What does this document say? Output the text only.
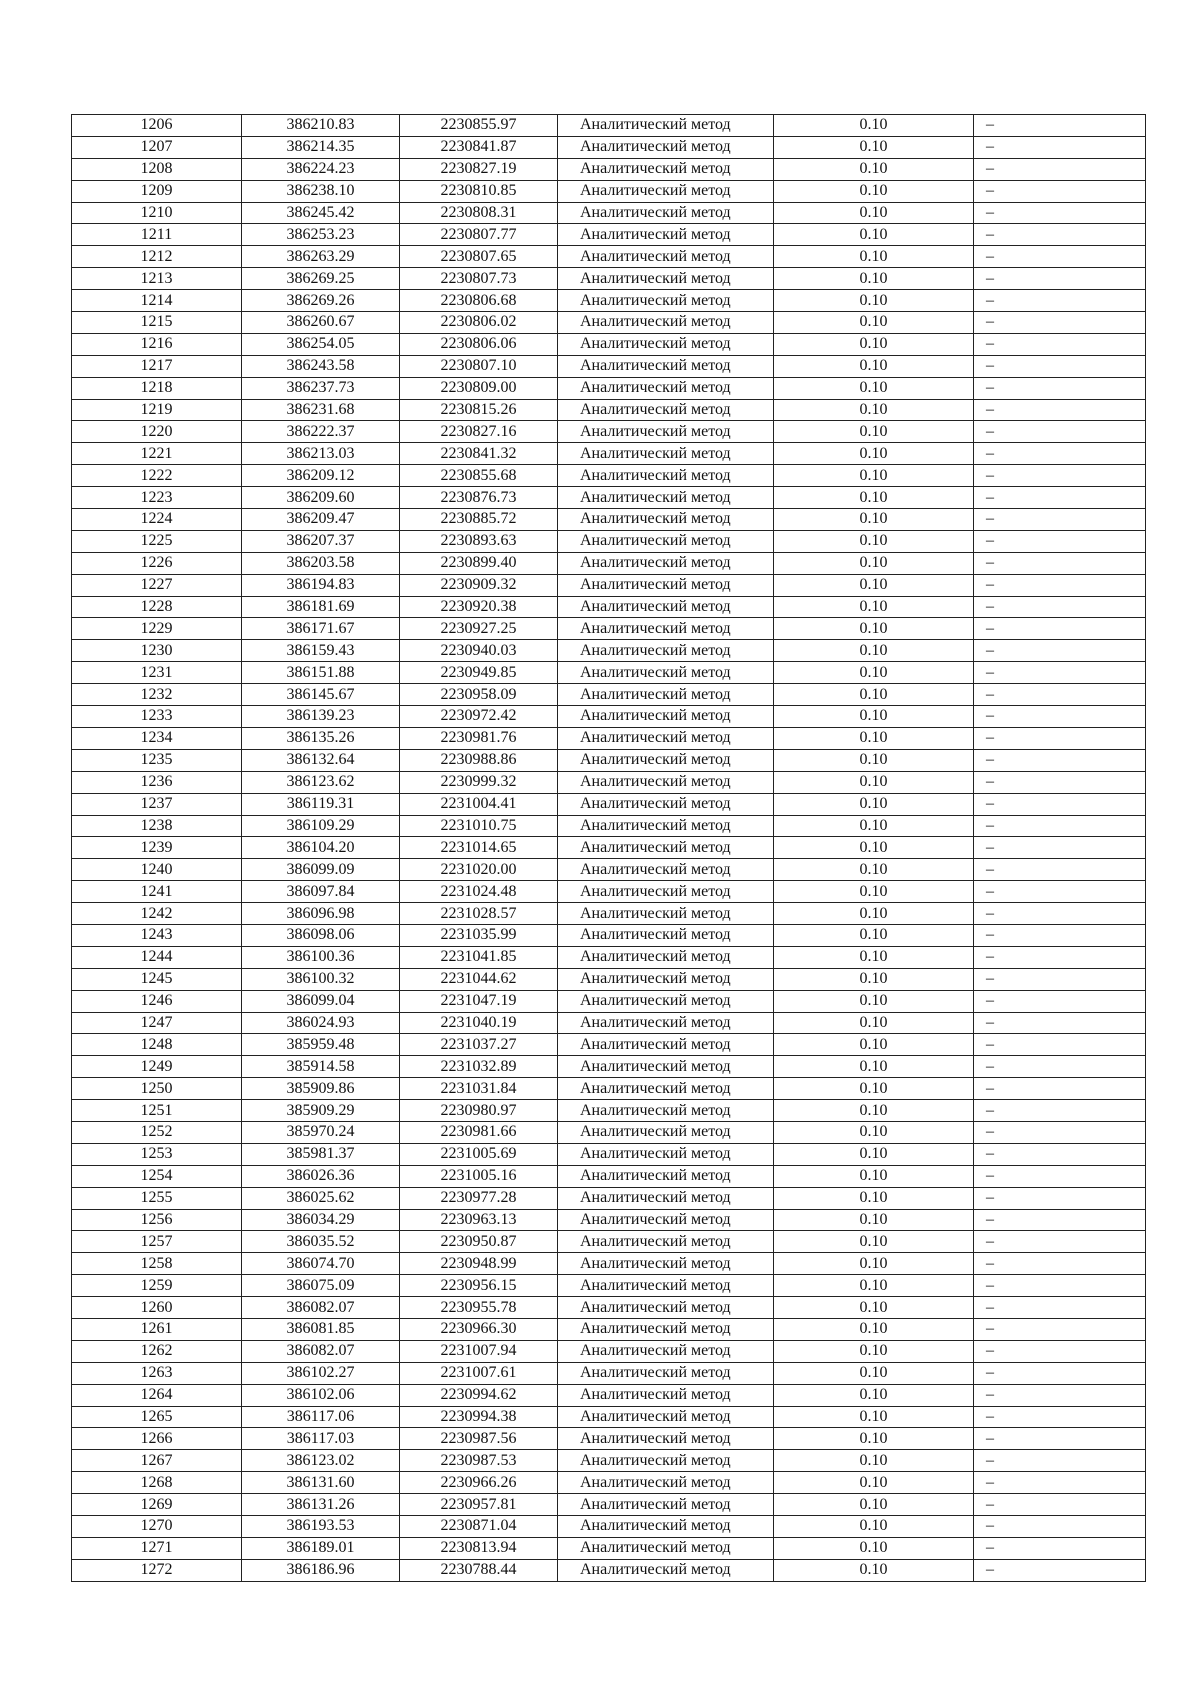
1206	386210.83	2230855.97	Аналитический метод	0.10	–
1207	386214.35	2230841.87	Аналитический метод	0.10	–
1208	386224.23	2230827.19	Аналитический метод	0.10	–
1209	386238.10	2230810.85	Аналитический метод	0.10	–
1210	386245.42	2230808.31	Аналитический метод	0.10	–
1211	386253.23	2230807.77	Аналитический метод	0.10	–
1212	386263.29	2230807.65	Аналитический метод	0.10	–
1213	386269.25	2230807.73	Аналитический метод	0.10	–
1214	386269.26	2230806.68	Аналитический метод	0.10	–
1215	386260.67	2230806.02	Аналитический метод	0.10	–
1216	386254.05	2230806.06	Аналитический метод	0.10	–
1217	386243.58	2230807.10	Аналитический метод	0.10	–
1218	386237.73	2230809.00	Аналитический метод	0.10	–
1219	386231.68	2230815.26	Аналитический метод	0.10	–
1220	386222.37	2230827.16	Аналитический метод	0.10	–
1221	386213.03	2230841.32	Аналитический метод	0.10	–
1222	386209.12	2230855.68	Аналитический метод	0.10	–
1223	386209.60	2230876.73	Аналитический метод	0.10	–
1224	386209.47	2230885.72	Аналитический метод	0.10	–
1225	386207.37	2230893.63	Аналитический метод	0.10	–
1226	386203.58	2230899.40	Аналитический метод	0.10	–
1227	386194.83	2230909.32	Аналитический метод	0.10	–
1228	386181.69	2230920.38	Аналитический метод	0.10	–
1229	386171.67	2230927.25	Аналитический метод	0.10	–
1230	386159.43	2230940.03	Аналитический метод	0.10	–
1231	386151.88	2230949.85	Аналитический метод	0.10	–
1232	386145.67	2230958.09	Аналитический метод	0.10	–
1233	386139.23	2230972.42	Аналитический метод	0.10	–
1234	386135.26	2230981.76	Аналитический метод	0.10	–
1235	386132.64	2230988.86	Аналитический метод	0.10	–
1236	386123.62	2230999.32	Аналитический метод	0.10	–
1237	386119.31	2231004.41	Аналитический метод	0.10	–
1238	386109.29	2231010.75	Аналитический метод	0.10	–
1239	386104.20	2231014.65	Аналитический метод	0.10	–
1240	386099.09	2231020.00	Аналитический метод	0.10	–
1241	386097.84	2231024.48	Аналитический метод	0.10	–
1242	386096.98	2231028.57	Аналитический метод	0.10	–
1243	386098.06	2231035.99	Аналитический метод	0.10	–
1244	386100.36	2231041.85	Аналитический метод	0.10	–
1245	386100.32	2231044.62	Аналитический метод	0.10	–
1246	386099.04	2231047.19	Аналитический метод	0.10	–
1247	386024.93	2231040.19	Аналитический метод	0.10	–
1248	385959.48	2231037.27	Аналитический метод	0.10	–
1249	385914.58	2231032.89	Аналитический метод	0.10	–
1250	385909.86	2231031.84	Аналитический метод	0.10	–
1251	385909.29	2230980.97	Аналитический метод	0.10	–
1252	385970.24	2230981.66	Аналитический метод	0.10	–
1253	385981.37	2231005.69	Аналитический метод	0.10	–
1254	386026.36	2231005.16	Аналитический метод	0.10	–
1255	386025.62	2230977.28	Аналитический метод	0.10	–
1256	386034.29	2230963.13	Аналитический метод	0.10	–
1257	386035.52	2230950.87	Аналитический метод	0.10	–
1258	386074.70	2230948.99	Аналитический метод	0.10	–
1259	386075.09	2230956.15	Аналитический метод	0.10	–
1260	386082.07	2230955.78	Аналитический метод	0.10	–
1261	386081.85	2230966.30	Аналитический метод	0.10	–
1262	386082.07	2231007.94	Аналитический метод	0.10	–
1263	386102.27	2231007.61	Аналитический метод	0.10	–
1264	386102.06	2230994.62	Аналитический метод	0.10	–
1265	386117.06	2230994.38	Аналитический метод	0.10	–
1266	386117.03	2230987.56	Аналитический метод	0.10	–
1267	386123.02	2230987.53	Аналитический метод	0.10	–
1268	386131.60	2230966.26	Аналитический метод	0.10	–
1269	386131.26	2230957.81	Аналитический метод	0.10	–
1270	386193.53	2230871.04	Аналитический метод	0.10	–
1271	386189.01	2230813.94	Аналитический метод	0.10	–
1272	386186.96	2230788.44	Аналитический метод	0.10	–
